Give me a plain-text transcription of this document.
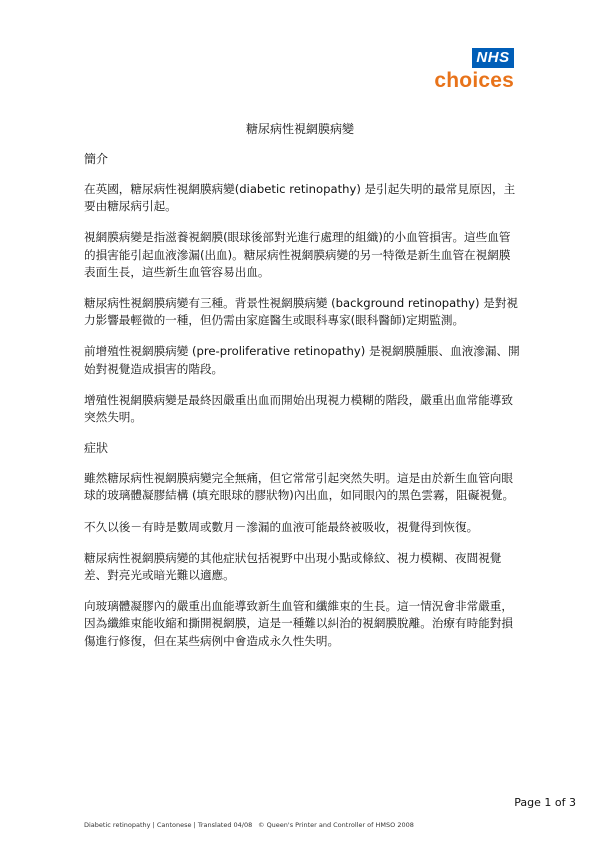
NHS
choices
糖尿病性視網膜病變
簡介

在英國，糖尿病性視網膜病變(diabetic retinopathy) 是引起失明的最常見原因，主要由糖尿病引起。

視網膜病變是指滋養視網膜(眼球後部對光進行處理的組織)的小血管損害。這些血管的損害能引起血液滲漏(出血)。糖尿病性視網膜病變的另一特徵是新生血管在視網膜表面生長，這些新生血管容易出血。

糖尿病性視網膜病變有三種。背景性視網膜病變 (background retinopathy) 是對視力影響最輕微的一種，但仍需由家庭醫生或眼科專家(眼科醫師)定期監測。

前增殖性視網膜病變 (pre-proliferative retinopathy) 是視網膜腫脹、血液滲漏、開始對視覺造成損害的階段。

增殖性視網膜病變是最終因嚴重出血而開始出現視力模糊的階段，嚴重出血常能導致突然失明。

症狀

雖然糖尿病性視網膜病變完全無痛，但它常常引起突然失明。這是由於新生血管向眼球的玻璃體凝膠結構 (填充眼球的膠狀物)內出血，如同眼內的黑色雲霧，阻礙視覺。

不久以後－有時是數周或數月－滲漏的血液可能最終被吸收，視覺得到恢復。

糖尿病性視網膜病變的其他症狀包括視野中出現小點或條紋、視力模糊、夜間視覺差、對亮光或暗光難以適應。

向玻璃體凝膠內的嚴重出血能導致新生血管和纖維束的生長。這一情況會非常嚴重，因為纖維束能收縮和撕開視網膜，這是一種難以糾治的視網膜脫離。治療有時能對損傷進行修復，但在某些病例中會造成永久性失明。

Page 1 of 3
Diabetic retinopathy | Cantonese | Translated 04/08 © Queen's Printer and Controller of HMSO 2008
